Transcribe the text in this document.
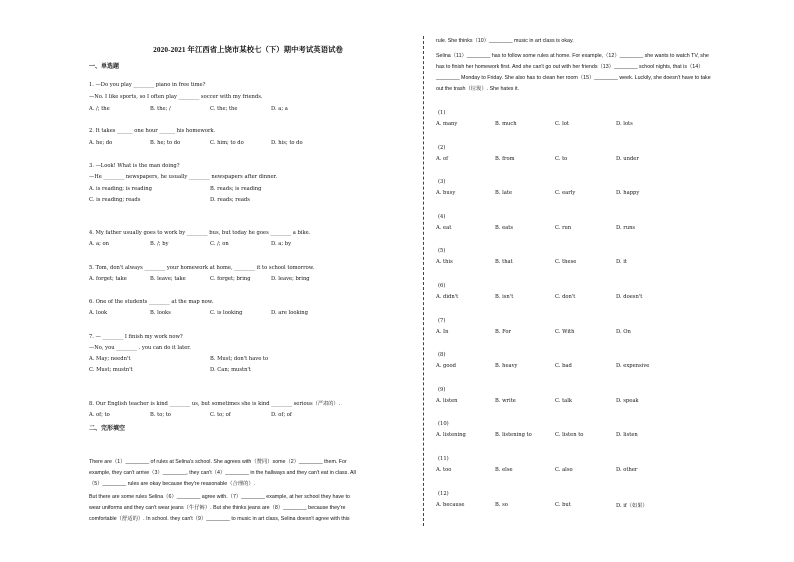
2020-2021 年江西省上饶市某校七（下）期中考试英语试卷
一、单选题
1. —Do you play ________ piano in free time?
—No. I like sports, so I often play ________ soccer with my friends.
A. /; the	B. the; /	C. the; the	D. a; a
2. It takes ______ one hour ______ his homework.
A. he; do	B. he; to do	C. him; to do	D. his; to do
3. —Look! What is the man doing?
—He ________ newspapers, he usually ________ newspapers after dinner.
A. is reading; is reading	B. reads; is reading
C. is reading; reads	D. reads; reads
4. My father usually goes to work by ________ bus, but today he goes ________ a bike.
A. a; on	B. /; by	C. /; on	D. a; by
5. Tom, don't always ________ your homework at home, ________ it to school tomorrow.
A. forget; take	B. leave; take	C. forget; bring	D. leave; bring
6. One of the students ________ at the map now.
A. look	B. looks	C. is looking	D. are looking
7. — ________ I finish my work now?
—No, you ________ . you can do it later.
A. May; needn't	B. Must; don't have to
C. Must; mustn't	D. Can; mustn't
8. Our English teacher is kind ________ us, but sometimes she is kind ________ serious（严肃的）.
A. of; to	B. to; to	C. to; of	D. of; of
二、完形填空
There are（1）________ of rules at Selina's school. She agrees with（赞同）some（2）________ them. For
example, they can't arrive（3）________, they can't（4）________ in the hallways and they can't eat in class. All
（5）________ rules are okay because they're reasonable（合理的）.
But there are some rules Selina（6）________ agree with.（7）________ example, at her school they have to
wear uniforms and they can't wear jeans（牛仔裤）. But she thinks jeans are（8）________ because they're
comfortable（舒适的）. In school. they can't（9）________ to music in art class, Selina doesn't agree with this
rule. She thinks（10）________ music in art class is okay.
Selina（11）________ has to follow some rules at home. For example,（12）________ she wants to watch TV, she
has to finish her homework first. And she can't go out with her friends（13）________ school nights, that is（14）
________ Monday to Friday. She also has to clean her room（15）________ week. Luckily, she doesn't have to take
out the trash（垃圾）. She hates it.
(1)
A. many	B. much	C. lot	D. lots
(2)
A. of	B. from	C. to	D. under
(3)
A. busy	B. late	C. early	D. happy
(4)
A. eat	B. eats	C. run	D. runs
(5)
A. this	B. that	C. these	D. it
(6)
A. didn't	B. isn't	C. don't	D. doesn't
(7)
A. In	B. For	C. With	D. On
(8)
A. good	B. heavy	C. bad	D. expensive
(9)
A. listen	B. write	C. talk	D. speak
(10)
A. listening	B. listening to	C. listen to	D. listen
(11)
A. too	B. else	C. also	D. other
(12)
A. because	B. so	C. but	D. if（如果）
